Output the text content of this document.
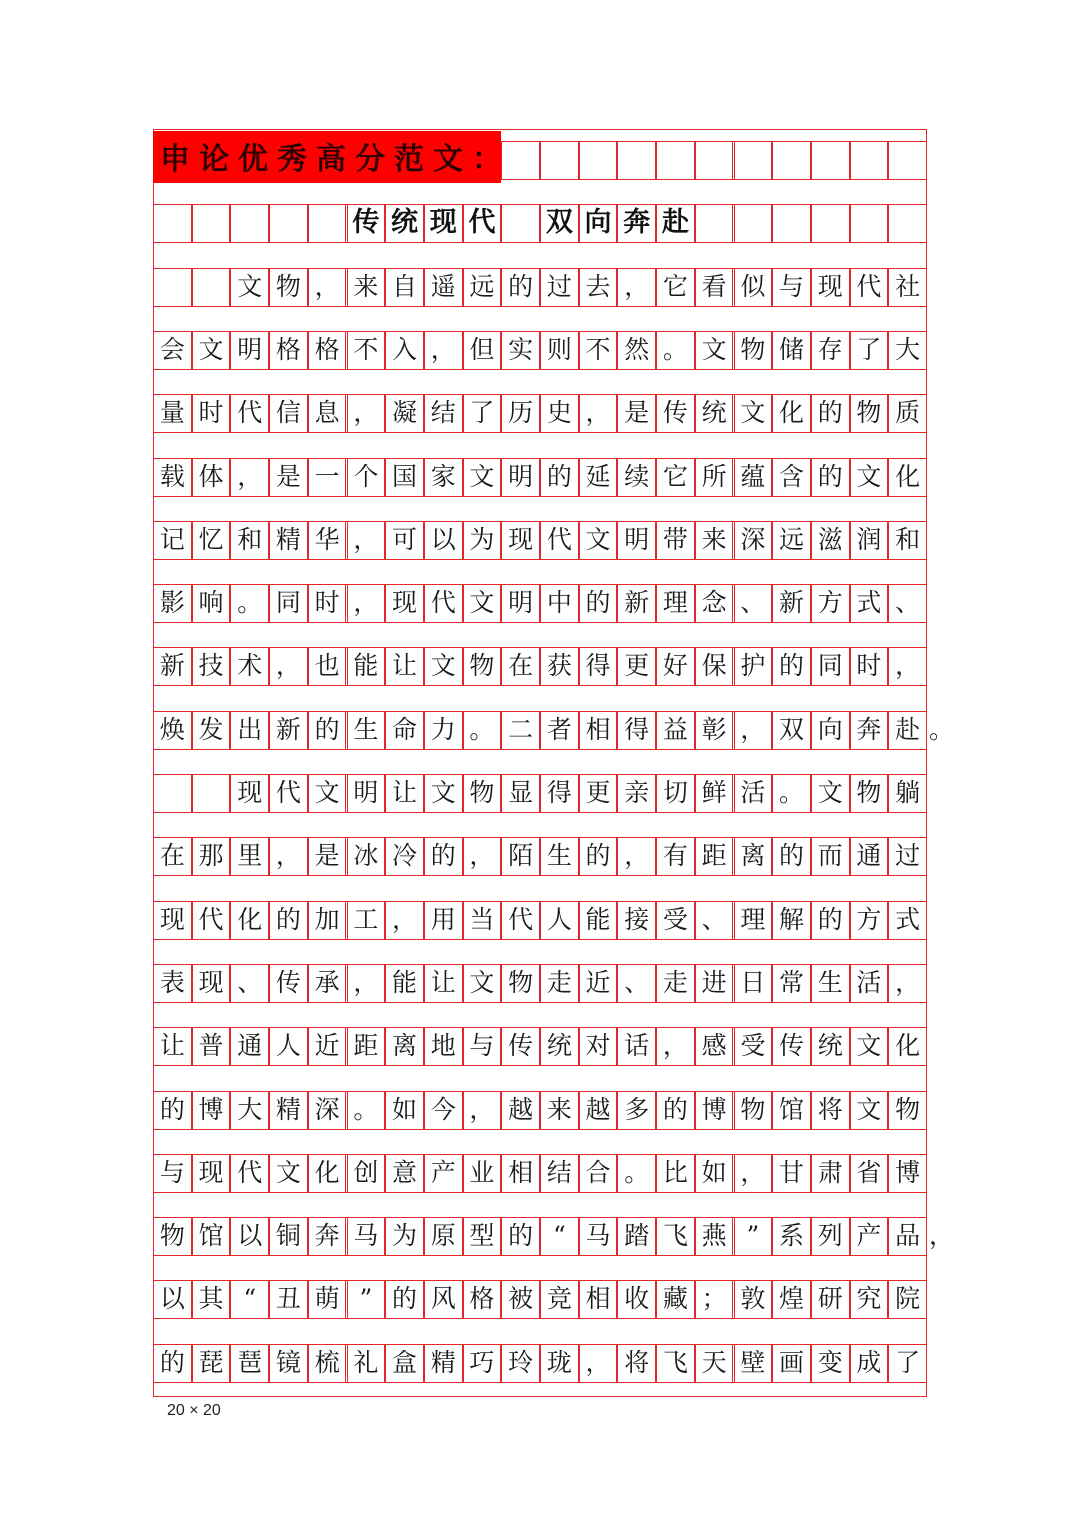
传 统 现 代 双 向 奔 赴
文 物 ， 来 自 遥 远 的 过 去 ， 它 看 似 与 现 代 社
会 文 明 格 格 不 入 ， 但 实 则 不 然 。 文 物 储 存 了 大
量 时 代 信 息 ， 凝 结 了 历 史 ， 是 传 统 文 化 的 物 质
载 体 ， 是 一 个 国 家 文 明 的 延 续 它 所 蕴 含 的 文 化
记 忆 和 精 华 ， 可 以 为 现 代 文 明 带 来 深 远 滋 润 和
影 响 。 同 时 ， 现 代 文 明 中 的 新 理 念 、 新 方 式 、
新 技 术 ， 也 能 让 文 物 在 获 得 更 好 保 护 的 同 时 ，
焕 发 出 新 的 生 命 力 。 二 者 相 得 益 彰 ， 双 向 奔 赴 。
现 代 文 明 让 文 物 显 得 更 亲 切 鲜 活 。 文 物 躺
在 那 里 ， 是 冰 冷 的 ， 陌 生 的 ， 有 距 离 的 而 通 过
现 代 化 的 加 工 ， 用 当 代 人 能 接 受 、 理 解 的 方 式
表 现 、 传 承 ， 能 让 文 物 走 近 、 走 进 日 常 生 活 ，
让 普 通 人 近 距 离 地 与 传 统 对 话 ， 感 受 传 统 文 化
的 博 大 精 深 。 如 今 ， 越 来 越 多 的 博 物 馆 将 文 物
与 现 代 文 化 创 意 产 业 相 结 合 。 比 如 ， 甘 肃 省 博
物 馆 以 铜 奔 马 为 原 型 的 “ 马 踏 飞 燕 ” 系 列 产 品 ，
以 其 “ 丑 萌 ” 的 风 格 被 竞 相 收 藏 ； 敦 煌 研 究 院
的 琵 琶 镜 梳 礼 盒 精 巧 玲 珑 ， 将 飞 天 壁 画 变 成 了
申论优秀高分范文：
20 × 20
